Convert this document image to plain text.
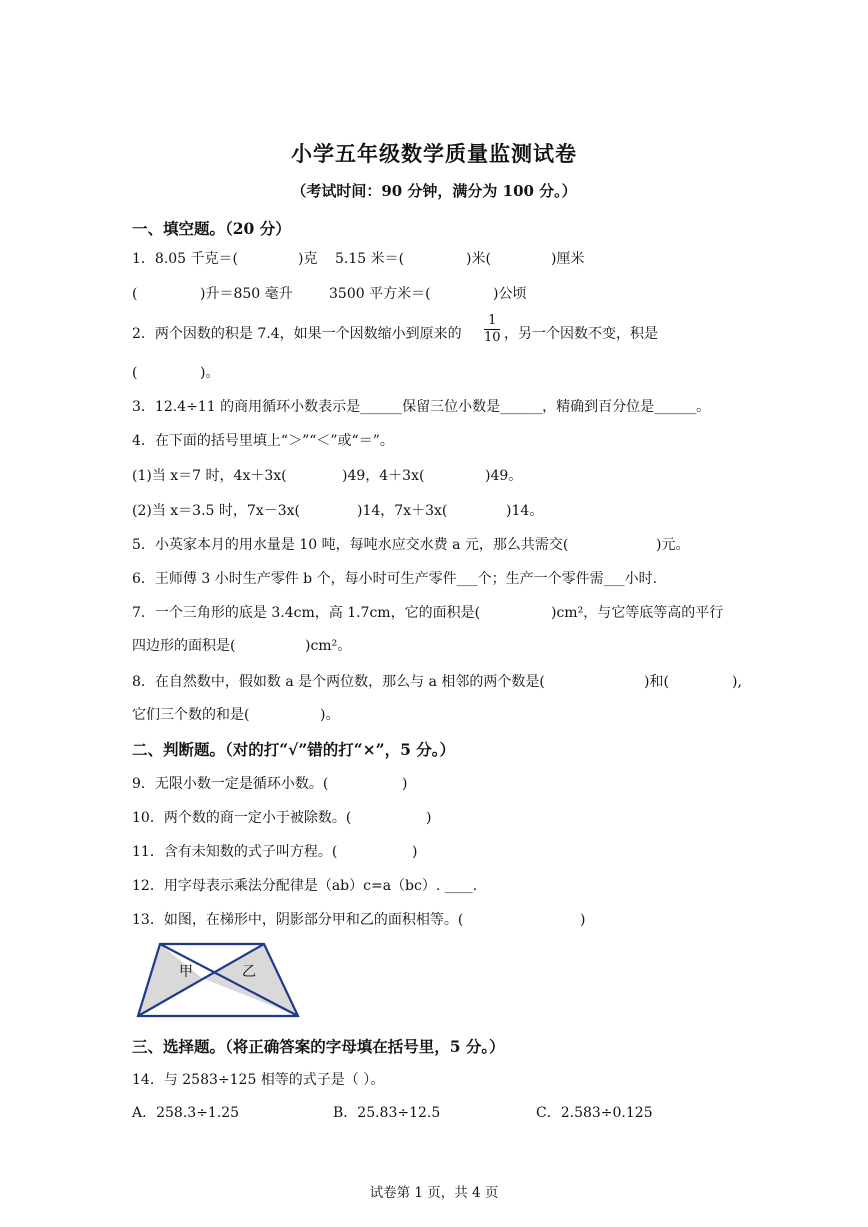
小学五年级数学质量监测试卷
（考试时间：90 分钟，满分为 100 分。）
一、填空题。（20 分）
1．8.05 千克＝(	)克 5.15 米＝(	)米(	)厘米
(	)升＝850 毫升	3500 平方米＝(	)公顷
2．两个因数的积是 7.4，如果一个因数缩小到原来的
1
10 ，另一个因数不变，积是
(	)。
3．12.4÷11 的商用循环小数表示是______保留三位小数是______，精确到百分位是______。
4．在下面的括号里填上“＞”“＜”或“＝”。
(1)当 x＝7 时，4x＋3x(	)49，4＋3x(	)49。
(2)当 x＝3.5 时，7x－3x(	)14，7x＋3x(	)14。
5．小英家本月的用水量是 10 吨，每吨水应交水费 a 元，那么共需交(	)元。
6．王师傅 3 小时生产零件 b 个，每小时可生产零件___个；生产一个零件需___小时.
7．一个三角形的底是 3.4cm，高 1.7cm，它的面积是(	)cm²，与它等底等高的平行
四边形的面积是(	)cm²。
8．在自然数中，假如数 a 是个两位数，那么与 a 相邻的两个数是(	)和(	),
它们三个数的和是(	)。
二、判断题。（对的打“√”错的打“×”，5 分。）
9．无限小数一定是循环小数。(	)
10．两个数的商一定小于被除数。(	)
11．含有未知数的式子叫方程。(	)
12．用字母表示乘法分配律是（ab）c=a（bc）. ____.
13．如图，在梯形中，阴影部分甲和乙的面积相等。(	)
甲	乙
三、选择题。（将正确答案的字母填在括号里，5 分。）
14．与 2583÷125 相等的式子是（ ）。
A．258.3÷1.25	B．25.83÷12.5	C．2.583÷0.125
试卷第 1 页，共 4 页
